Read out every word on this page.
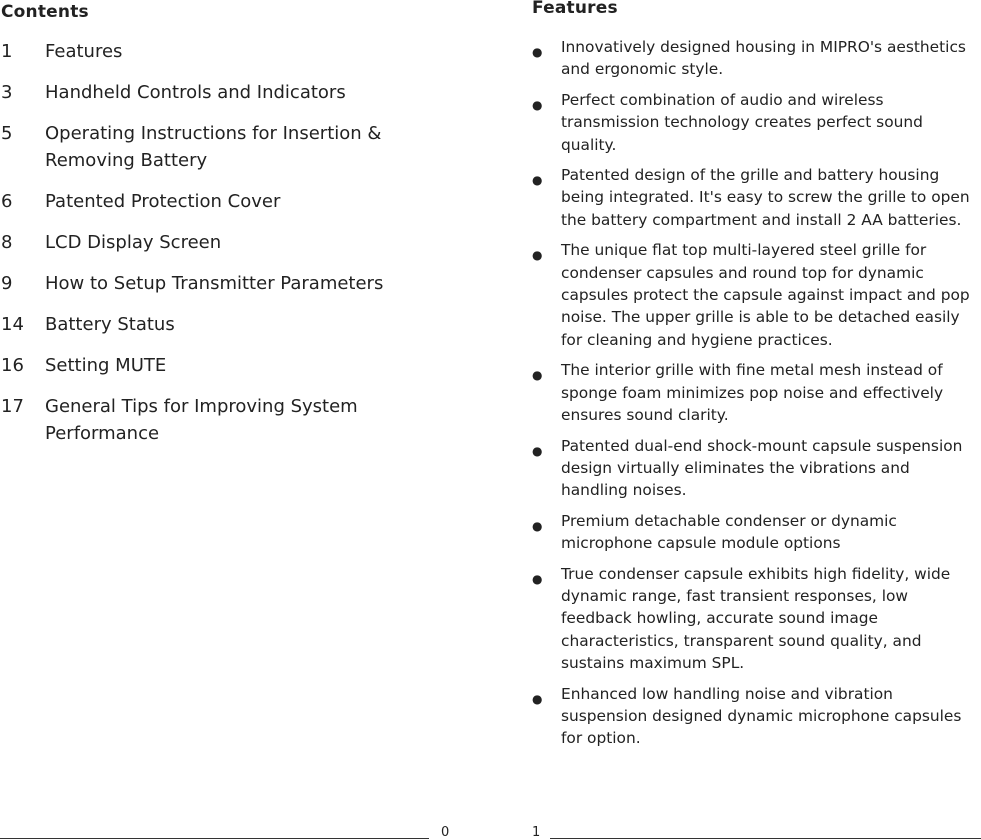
Contents
1	Features
3	Handheld Controls and Indicators
5	Operating Instructions for Insertion & Removing Battery
6	Patented Protection Cover
8	LCD Display Screen
9	How to Setup Transmitter Parameters
14	Battery Status
16	Setting MUTE
17	General Tips for Improving System Performance
Features
●	Innovatively designed housing in MIPRO's aesthetics and ergonomic style.
●	Perfect combination of audio and wireless transmission technology creates perfect sound quality.
●	Patented design of the grille and battery housing being integrated. It's easy to screw the grille to open the battery compartment and install 2 AA batteries.
●	The unique flat top multi-layered steel grille for condenser capsules and round top for dynamic capsules protect the capsule against impact and pop noise. The upper grille is able to be detached easily for cleaning and hygiene practices.
●	The interior grille with fine metal mesh instead of sponge foam minimizes pop noise and effectively ensures sound clarity.
●	Patented dual-end shock-mount capsule suspension design virtually eliminates the vibrations and handling noises.
●	Premium detachable condenser or dynamic microphone capsule module options
●	True condenser capsule exhibits high fidelity, wide dynamic range, fast transient responses, low feedback howling, accurate sound image characteristics, transparent sound quality, and sustains maximum SPL.
●	Enhanced low handling noise and vibration suspension designed dynamic microphone capsules for option.
0	1
